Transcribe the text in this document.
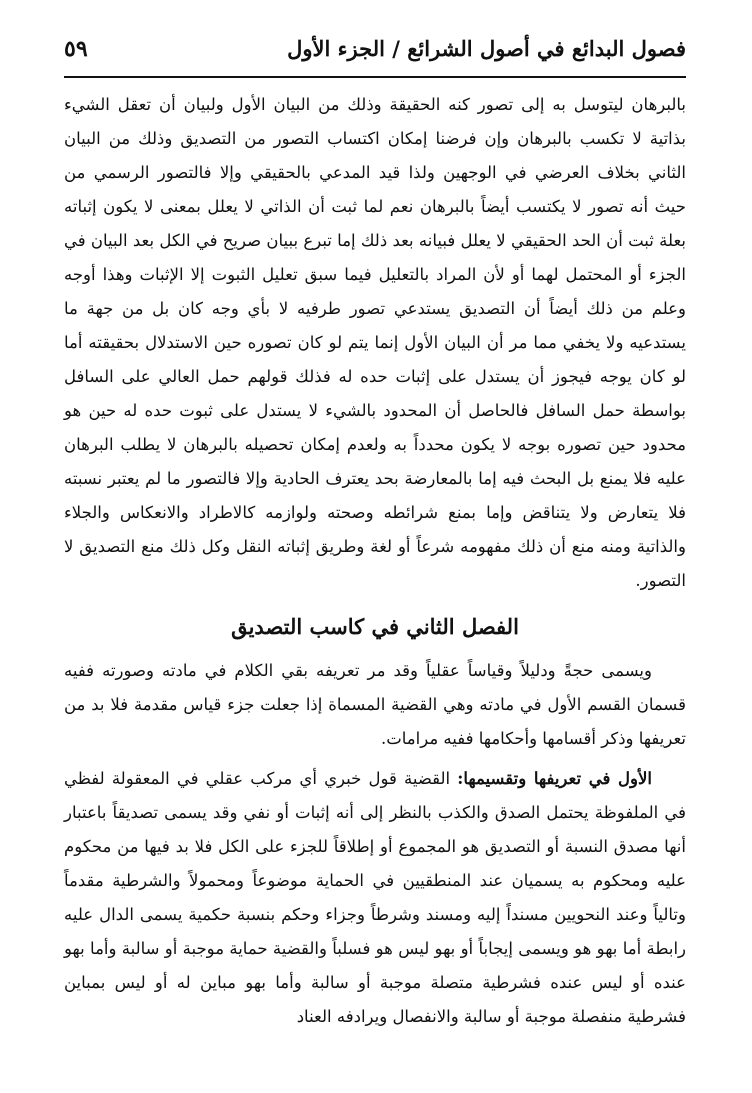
فصول البدائع في أصول الشرائع / الجزء الأول
٥٩

بالبرهان ليتوسل به إلى تصور كنه الحقيقة وذلك من البيان الأول ولبيان أن تعقل الشيء بذاتية لا تكسب بالبرهان وإن فرضنا إمكان اكتساب التصور من التصديق وذلك من البيان الثاني بخلاف العرضي في الوجهين ولذا قيد المدعي بالحقيقي وإلا فالتصور الرسمي من حيث أنه تصور لا يكتسب أيضاً بالبرهان نعم لما ثبت أن الذاتي لا يعلل بمعنى لا يكون إثباته بعلة ثبت أن الحد الحقيقي لا يعلل فبيانه بعد ذلك إما تبرع ببيان صريح في الكل بعد البيان في الجزء أو المحتمل لهما أو لأن المراد بالتعليل فيما سبق تعليل الثبوت إلا الإثبات وهذا أوجه وعلم من ذلك أيضاً أن التصديق يستدعي تصور طرفيه لا بأي وجه كان بل من جهة ما يستدعيه ولا يخفي مما مر أن البيان الأول إنما يتم لو كان تصوره حين الاستدلال بحقيقته أما لو كان يوجه فيجوز أن يستدل على إثبات حده له فذلك قولهم حمل العالي على السافل بواسطة حمل السافل فالحاصل أن المحدود بالشيء لا يستدل على ثبوت حده له حين هو محدود حين تصوره بوجه لا يكون محدداً به ولعدم إمكان تحصيله بالبرهان لا يطلب البرهان عليه فلا يمنع بل البحث فيه إما بالمعارضة بحد يعترف الحادية وإلا فالتصور ما لم يعتبر نسبته فلا يتعارض ولا يتناقض وإما بمنع شرائطه وصحته ولوازمه كالاطراد والانعكاس والجلاء والذاتية ومنه منع أن ذلك مفهومه شرعاً أو لغة وطريق إثباته النقل وكل ذلك منع التصديق لا التصور.

الفصل الثاني في كاسب التصديق

ويسمى حجةً ودليلاً وقياساً عقلياً وقد مر تعريفه بقي الكلام في مادته وصورته ففيه قسمان القسم الأول في مادته وهي القضية المسماة إذا جعلت جزء قياس مقدمة فلا بد من تعريفها وذكر أقسامها وأحكامها ففيه مرامات.

الأول في تعريفها وتقسيمها: القضية قول خبري أي مركب عقلي في المعقولة لفظي في الملفوظة يحتمل الصدق والكذب بالنظر إلى أنه إثبات أو نفي وقد يسمى تصديقاً باعتبار أنها مصدق النسبة أو التصديق هو المجموع أو إطلاقاً للجزء على الكل فلا بد فيها من محكوم عليه ومحكوم به يسميان عند المنطقيين في الحماية موضوعاً ومحمولاً والشرطية مقدماً وتالياً وعند النحويين مسنداً إليه ومسند وشرطاً وجزاء وحكم بنسبة حكمية يسمى الدال عليه رابطة أما بهو هو ويسمى إيجاباً أو بهو ليس هو فسلباً والقضية حماية موجبة أو سالبة وأما بهو عنده أو ليس عنده فشرطية متصلة موجبة أو سالبة وأما بهو مباين له أو ليس بمباين فشرطية منفصلة موجبة أو سالبة والانفصال ويرادفه العناد
